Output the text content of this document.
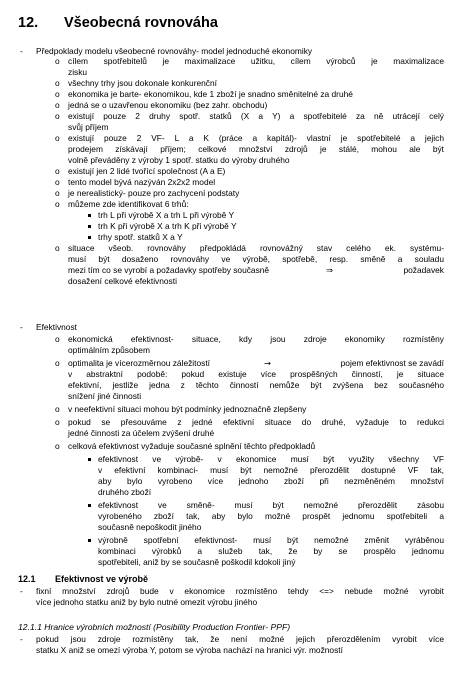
12. Všeobecná rovnováha
- Předpoklady modelu všeobecné rovnováhy- model jednoduché ekonomiky
o cílem spotřebitelů je maximalizace užitku, cílem výrobců je maximalizace
zisku
o všechny trhy jsou dokonale konkurenční
o ekonomika je barte- ekonomikou, kde 1 zboží je snadno směnitelné za druhé
o jedná se o uzavřenou ekonomiku (bez zahr. obchodu)
o existují pouze 2 druhy spotř. statků (X a Y) a spotřebitelé za ně utrácejí celý
svůj příjem
o existují pouze 2 VF- L a K (práce a kapitál)- vlastní je spotřebitelé a jejich
prodejem získávají příjem; celkové množství zdrojů je stálé, mohou ale být
volně převáděny z výroby 1 spotř. statku do výroby druhého
o existují jen 2 lidé tvořící společnost (A a E)
o tento model bývá nazýván 2x2x2 model
o je nerealistický- pouze pro zachycení podstaty
o můžeme zde identifikovat 6 trhů:
trh L při výrobě X a trh L při výrobě Y
trh K při výrobě X a trh K při výrobě Y
trhy spotř. statků X a Y
o situace všeob. rovnováhy předpokládá rovnovážný stav celého ek. systému-
musí být dosaženo rovnováhy ve výrobě, spotřebě, resp. směně a souladu
mezi tím co se vyrobí a požadavky spotřeby současně	⇒	požadavek
dosažení celkové efektivnosti
- Efektivnost
o ekonomická efektivnost- situace, kdy jsou zdroje ekonomiky rozmístěny
optimálním způsobem
o optimalita je vícerozměrnou záležitostí	→	pojem efektivnost se zavádí
v abstraktní podobě: pokud existuje více prospěšných činností, je situace
efektivní, jestliže jedna z těchto činností nemůže být zvýšena bez současného
snížení jiné činnosti
o v neefektivní situaci mohou být podmínky jednoznačně zlepšeny
o pokud se přesouváme z jedné efektivní situace do druhé, vyžaduje to redukci
jedné činnosti za účelem zvýšení druhé
o celková efektivnost vyžaduje současné splnění těchto předpokladů
efektivnost ve výrobě- v ekonomice musí být využity všechny VF
v efektivní kombinaci- musí být nemožné přerozdělit dostupné VF tak,
aby bylo vyrobeno více jednoho zboží při nezměněném množství
druhého zboží
efektivnost ve směně- musí být nemožné přerozdělit zásobu
vyrobeného zboží tak, aby bylo možné prospět jednomu spotřebiteli a
současně nepoškodit jiného
výrobně spotřební efektivnost- musí být nemožné změnit vyráběnou
kombinaci výrobků a služeb tak, že by se prospělo jednomu
spotřebiteli, aniž by se současně poškodil kdokoli jiný
12.1 Efektivnost ve výrobě
- fixní množství zdrojů bude v ekonomice rozmístěno tehdy <=> nebude možné vyrobit
více jednoho statku aniž by bylo nutné omezit výrobu jiného
12.1.1 Hranice výrobních možností (Posibility Production Frontier- PPF)
- pokud jsou zdroje rozmístěny tak, že není možné jejich přerozdělením vyrobit více
statku X aniž se omezí výroba Y, potom se výroba nachází na hranici výr. možností
